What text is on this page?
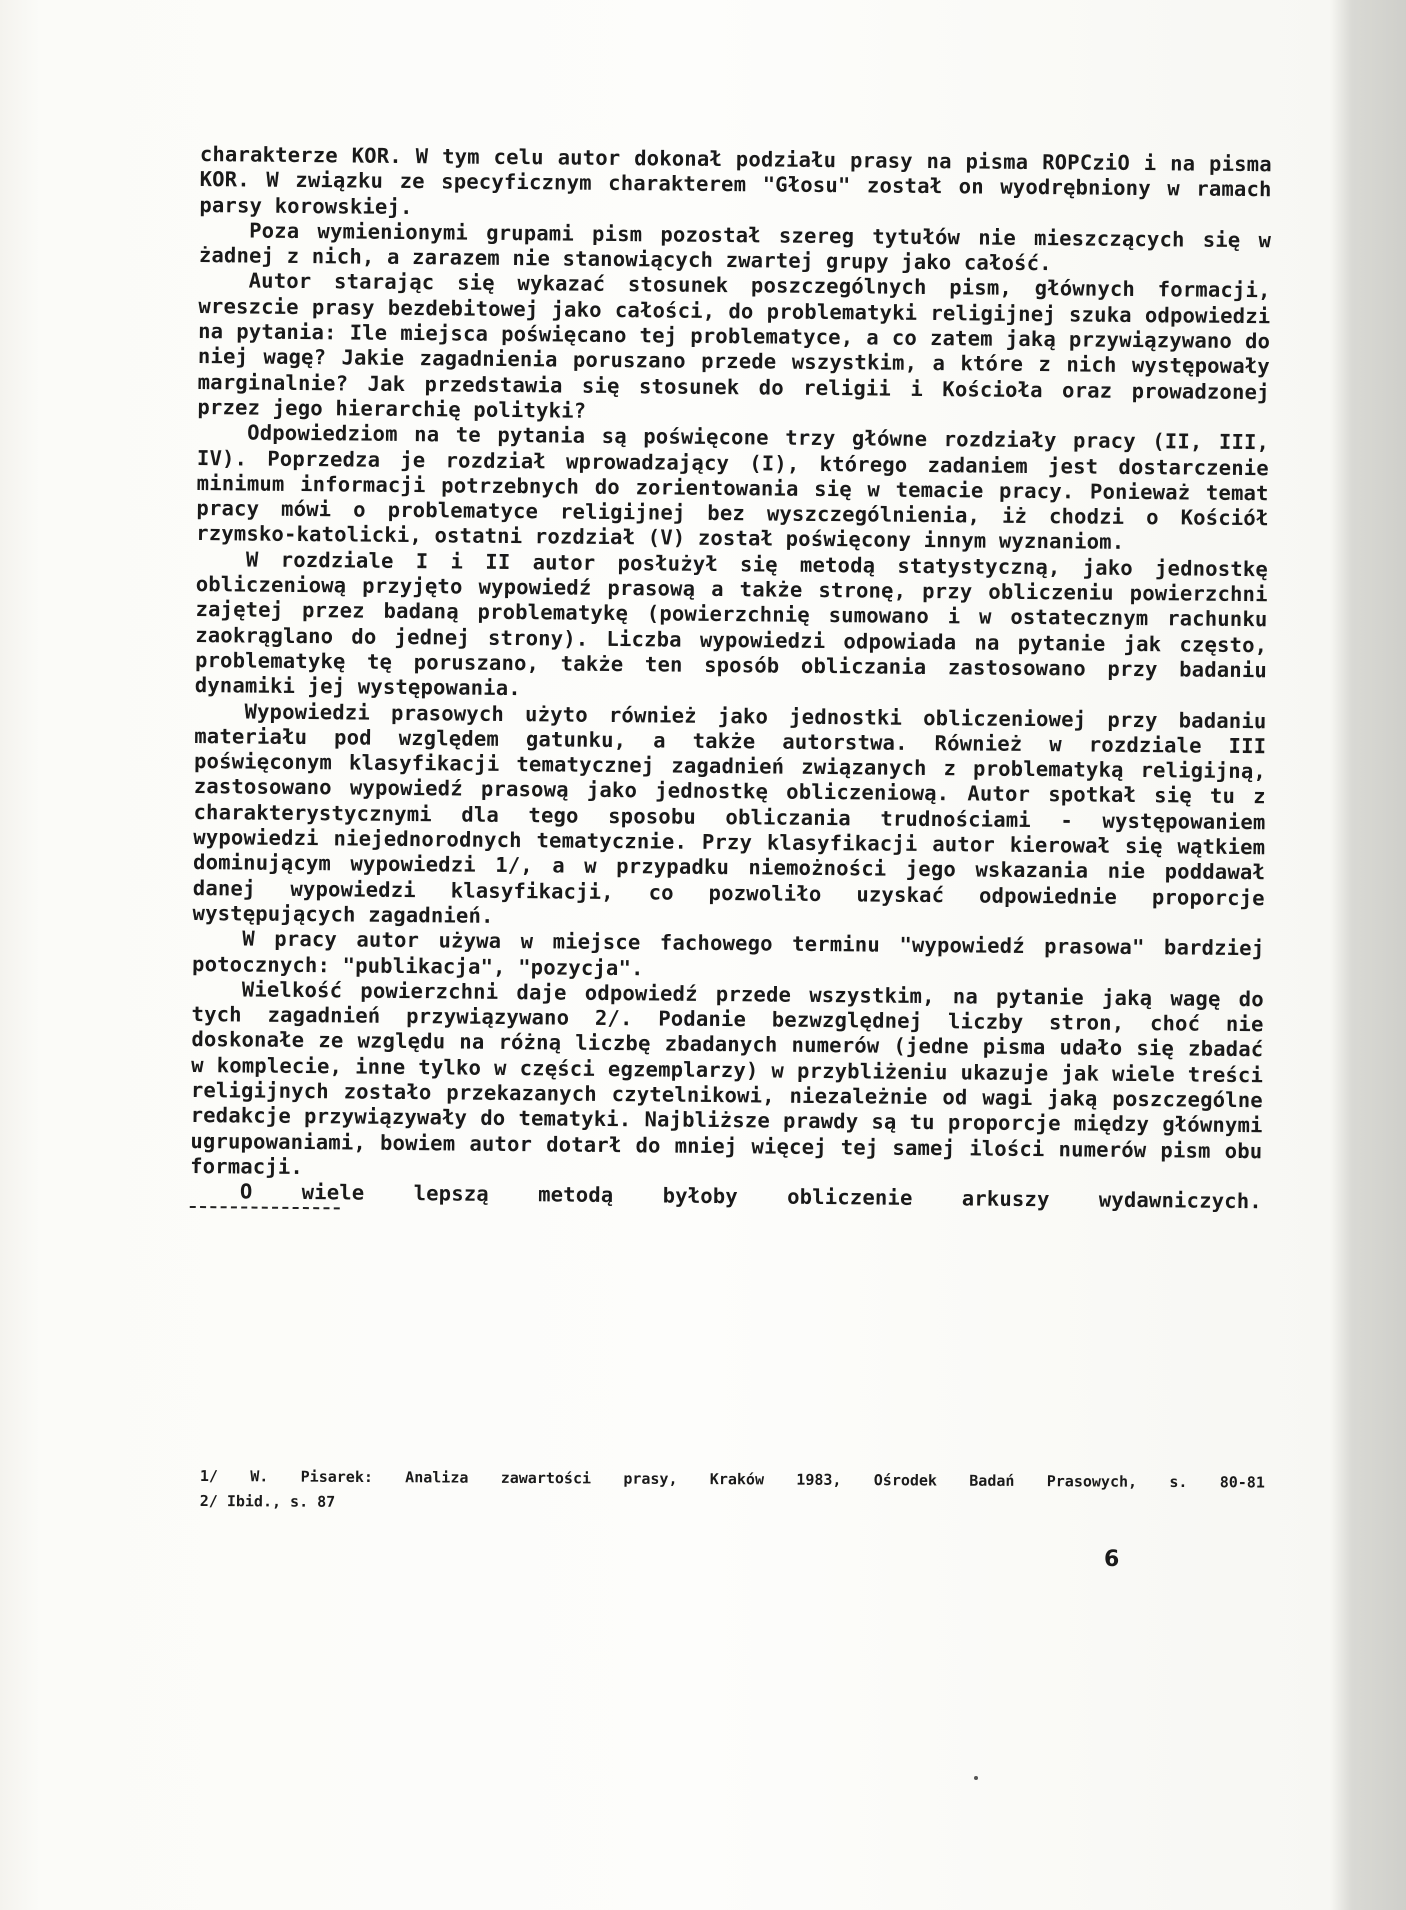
charakterze KOR. W tym celu autor dokonał podziału prasy na pisma ROPCziO i na pisma KOR. W związku ze specyficznym charakterem "Głosu" został on wyodrębniony w ramach parsy korowskiej.

Poza wymienionymi grupami pism pozostał szereg tytułów nie mieszczących się w żadnej z nich, a zarazem nie stanowiących zwartej grupy jako całość.

Autor starając się wykazać stosunek poszczególnych pism, głównych formacji, wreszcie prasy bezdebitowej jako całości, do problematyki religijnej szuka odpowiedzi na pytania: Ile miejsca poświęcano tej problematyce, a co zatem jaką przywiązywano do niej wagę? Jakie zagadnienia poruszano przede wszystkim, a które z nich występowały marginalnie? Jak przedstawia się stosunek do religii i Kościoła oraz prowadzonej przez jego hierarchię polityki?

Odpowiedziom na te pytania są poświęcone trzy główne rozdziały pracy (II, III, IV). Poprzedza je rozdział wprowadzający (I), którego zadaniem jest dostarczenie minimum informacji potrzebnych do zorientowania się w temacie pracy. Ponieważ temat pracy mówi o problematyce religijnej bez wyszczególnienia, iż chodzi o Kościół rzymsko-katolicki, ostatni rozdział (V) został poświęcony innym wyznaniom.

W rozdziale I i II autor posłużył się metodą statystyczną, jako jednostkę obliczeniową przyjęto wypowiedź prasową a także stronę, przy obliczeniu powierzchni zajętej przez badaną problematykę (powierzchnię sumowano i w ostatecznym rachunku zaokrąglano do jednej strony). Liczba wypowiedzi odpowiada na pytanie jak często, problematykę tę poruszano, także ten sposób obliczania zastosowano przy badaniu dynamiki jej występowania.

Wypowiedzi prasowych użyto również jako jednostki obliczeniowej przy badaniu materiału pod względem gatunku, a także autorstwa. Również w rozdziale III poświęconym klasyfikacji tematycznej zagadnień związanych z problematyką religijną, zastosowano wypowiedź prasową jako jednostkę obliczeniową. Autor spotkał się tu z charakterystycznymi dla tego sposobu obliczania trudnościami - występowaniem wypowiedzi niejednorodnych tematycznie. Przy klasyfikacji autor kierował się wątkiem dominującym wypowiedzi 1/, a w przypadku niemożności jego wskazania nie poddawał danej wypowiedzi klasyfikacji, co pozwoliło uzyskać odpowiednie proporcje występujących zagadnień.

W pracy autor używa w miejsce fachowego terminu "wypowiedź prasowa" bardziej potocznych: "publikacja", "pozycja".

Wielkość powierzchni daje odpowiedź przede wszystkim, na pytanie jaką wagę do tych zagadnień przywiązywano 2/. Podanie bezwzględnej liczby stron, choć nie doskonałe ze względu na różną liczbę zbadanych numerów (jedne pisma udało się zbadać w komplecie, inne tylko w części egzemplarzy) w przybliżeniu ukazuje jak wiele treści religijnych zostało przekazanych czytelnikowi, niezależnie od wagi jaką poszczególne redakcje przywiązywały do tematyki. Najbliższe prawdy są tu proporcje między głównymi ugrupowaniami, bowiem autor dotarł do mniej więcej tej samej ilości numerów pism obu formacji.

O wiele lepszą metodą byłoby obliczenie arkuszy wydawniczych.

1/ W. Pisarek: Analiza zawartości prasy, Kraków 1983, Ośrodek Badań Prasowych, s. 80-81

2/ Ibid., s. 87

6
